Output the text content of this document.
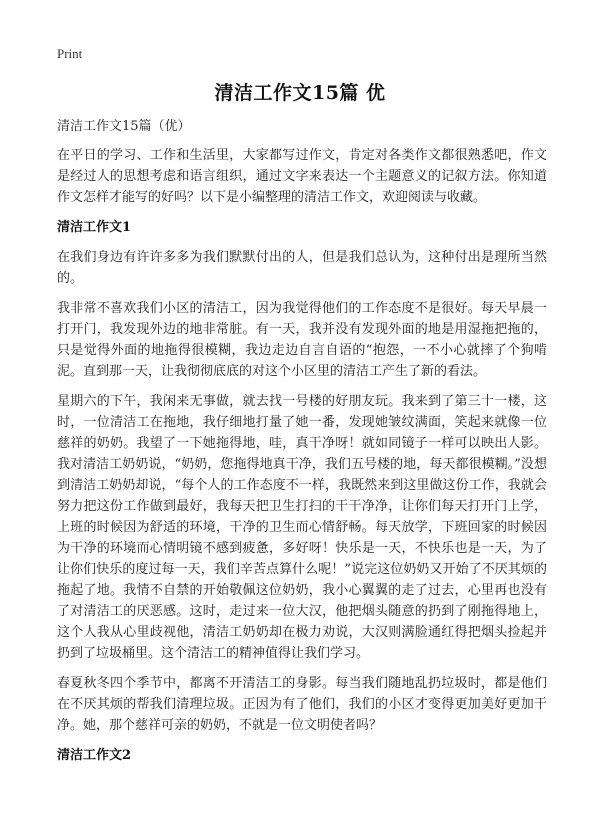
Print
清洁工作文15篇 优
清洁工作文15篇（优）

在平日的学习、工作和生活里，大家都写过作文，肯定对各类作文都很熟悉吧，作文是经过人的思想考虑和语言组织，通过文字来表达一个主题意义的记叙方法。你知道作文怎样才能写的好吗？以下是小编整理的清洁工作文，欢迎阅读与收藏。

清洁工作文1

在我们身边有许许多多为我们默默付出的人，但是我们总认为，这种付出是理所当然的。

我非常不喜欢我们小区的清洁工，因为我觉得他们的工作态度不是很好。每天早晨一打开门，我发现外边的地非常脏。有一天，我并没有发现外面的地是用湿拖把拖的，只是觉得外面的地拖得很模糊，我边走边自言自语的“抱怨，一不小心就摔了个狗啃泥。直到那一天，让我彻彻底底的对这个小区里的清洁工产生了新的看法。

星期六的下午，我闲来无事做，就去找一号楼的好朋友玩。我来到了第三十一楼，这时，一位清洁工在拖地，我仔细地打量了她一番，发现她皱纹满面，笑起来就像一位慈祥的奶奶。我望了一下她拖得地，哇，真干净呀！就如同镜子一样可以映出人影。我对清洁工奶奶说，“奶奶，您拖得地真干净，我们五号楼的地，每天都很模糊。”没想到清洁工奶奶却说，“每个人的工作态度不一样，我既然来到这里做这份工作，我就会努力把这份工作做到最好，我每天把卫生打扫的干干净净，让你们每天打开门上学，上班的时候因为舒适的环境，干净的卫生而心情舒畅。每天放学，下班回家的时候因为干净的环境而心情明镜不感到疲惫，多好呀！快乐是一天，不快乐也是一天，为了让你们快乐的度过每一天，我们辛苦点算什么呢！”说完这位奶奶又开始了不厌其烦的拖起了地。我情不自禁的开始敬佩这位奶奶，我小心翼翼的走了过去，心里再也没有了对清洁工的厌恶感。这时，走过来一位大汉，他把烟头随意的扔到了刚拖得地上，这个人我从心里歧视他，清洁工奶奶却在极力劝说，大汉则满脸通红得把烟头捡起并扔到了垃圾桶里。这个清洁工的精神值得让我们学习。

春夏秋冬四个季节中，都离不开清洁工的身影。每当我们随地乱扔垃圾时，都是他们在不厌其烦的帮我们清理垃圾。正因为有了他们，我们的小区才变得更加美好更加干净。她，那个慈祥可亲的奶奶，不就是一位文明使者吗？

清洁工作文2
